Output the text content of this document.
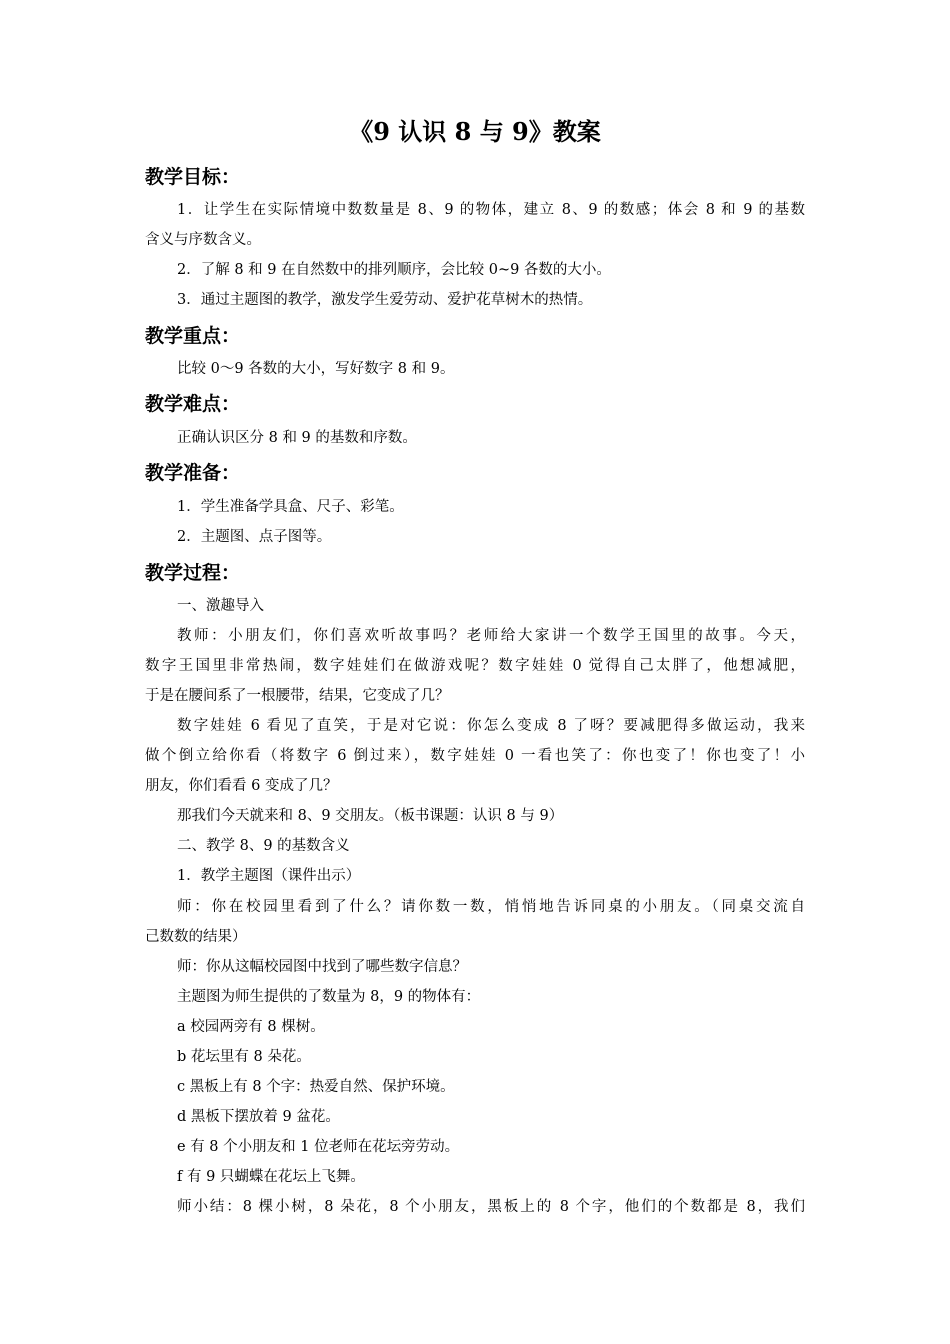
《9 认识 8 与 9》教案
教学目标：
1．让学生在实际情境中数数量是 8、9 的物体，建立 8、9 的数感；体会 8 和 9 的基数
含义与序数含义。
2．了解 8 和 9 在自然数中的排列顺序，会比较 0~9 各数的大小。
3．通过主题图的教学，激发学生爱劳动、爱护花草树木的热情。
教学重点：
比较 0～9 各数的大小，写好数字 8 和 9。
教学难点：
正确认识区分 8 和 9 的基数和序数。
教学准备：
1．学生准备学具盒、尺子、彩笔。
2．主题图、点子图等。
教学过程：
一、激趣导入
教师：小朋友们，你们喜欢听故事吗？老师给大家讲一个数学王国里的故事。今天，
数字王国里非常热闹，数字娃娃们在做游戏呢？数字娃娃 0 觉得自己太胖了，他想减肥，
于是在腰间系了一根腰带，结果，它变成了几？
数字娃娃 6 看见了直笑，于是对它说：你怎么变成 8 了呀？要减肥得多做运动，我来
做个倒立给你看（将数字 6 倒过来），数字娃娃 0 一看也笑了：你也变了！你也变了！小
朋友，你们看看 6 变成了几？
那我们今天就来和 8、9 交朋友。（板书课题：认识 8 与 9）
二、教学 8、9 的基数含义
1．教学主题图（课件出示）
师：你在校园里看到了什么？请你数一数，悄悄地告诉同桌的小朋友。（同桌交流自
己数数的结果）
师：你从这幅校园图中找到了哪些数字信息？
主题图为师生提供的了数量为 8，9 的物体有：
a 校园两旁有 8 棵树。
b 花坛里有 8 朵花。
c 黑板上有 8 个字：热爱自然、保护环境。
d 黑板下摆放着 9 盆花。
e 有 8 个小朋友和 1 位老师在花坛旁劳动。
f 有 9 只蝴蝶在花坛上飞舞。
师小结：8 棵小树，8 朵花，8 个小朋友，黑板上的 8 个字，他们的个数都是 8，我们
